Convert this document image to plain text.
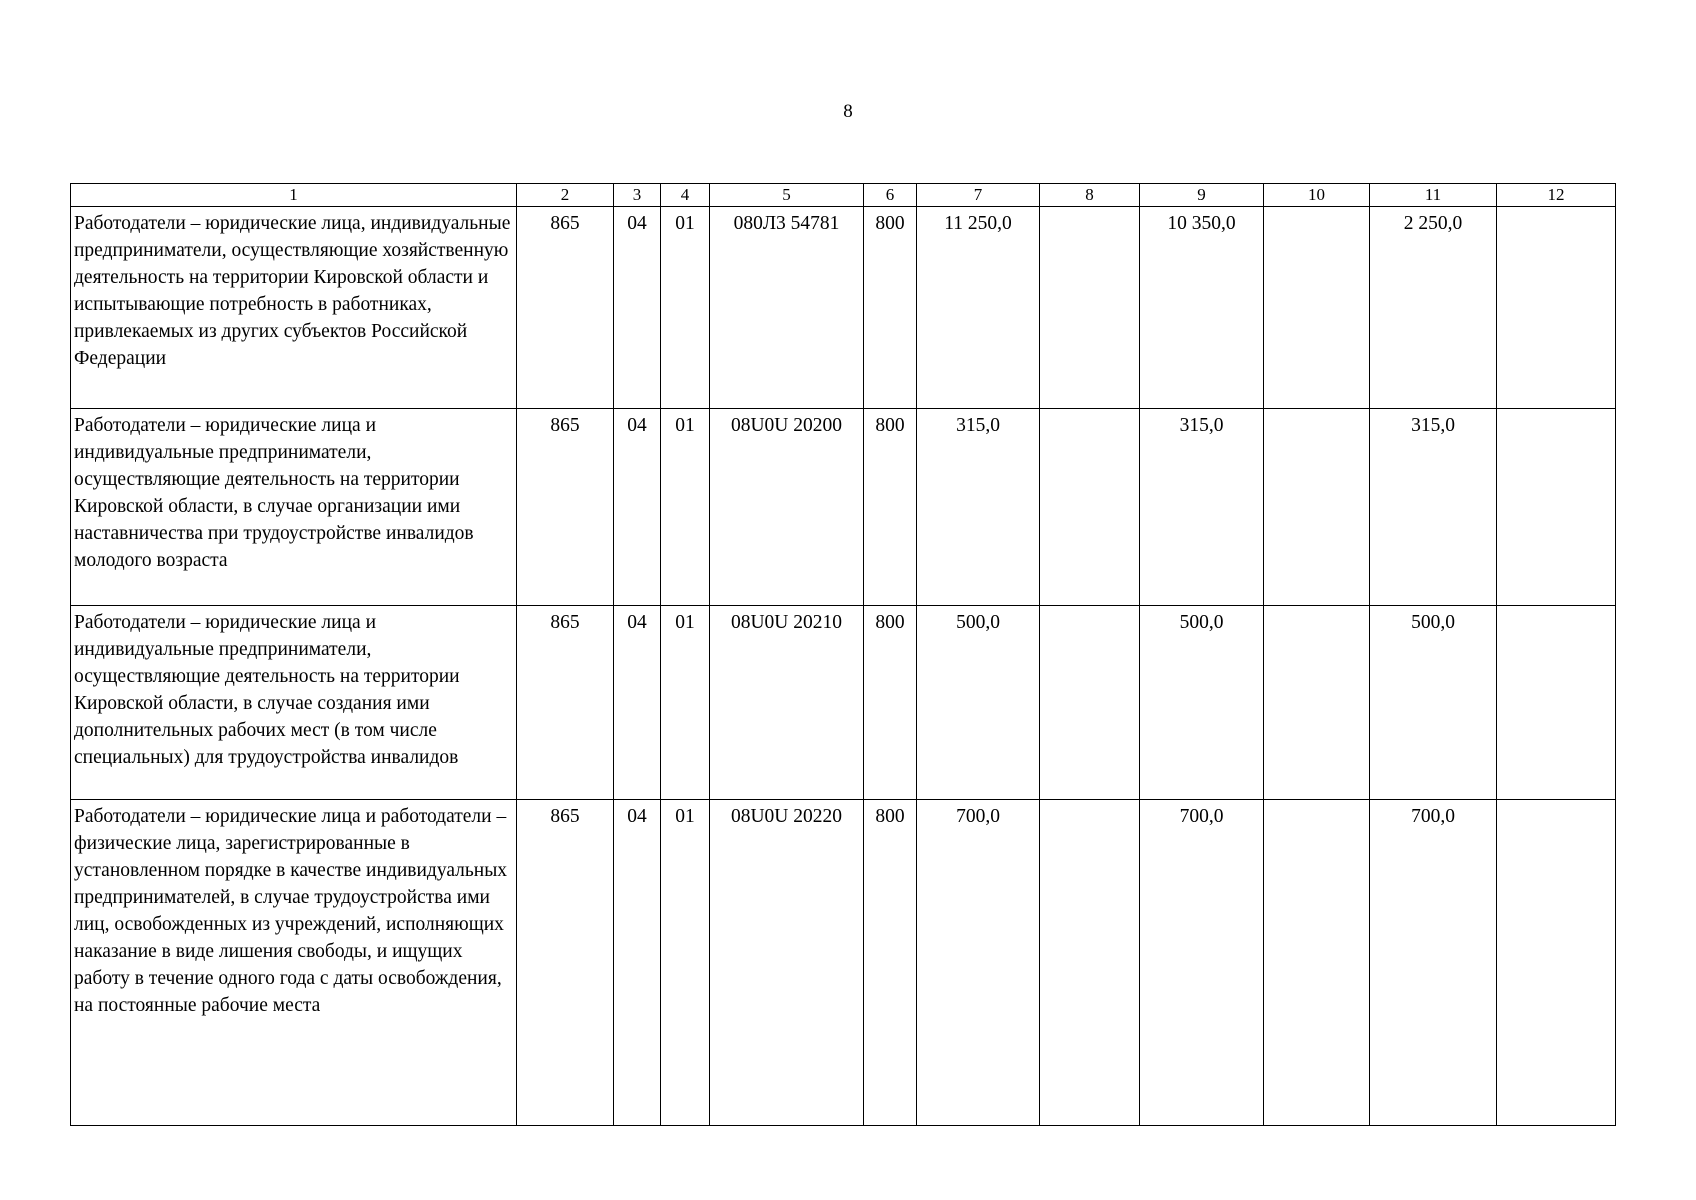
8
1	2	3	4	5	6	7	8	9	10	11	12
Работодатели – юридические лица, индивидуальные предприниматели, осуществляющие хозяйственную деятельность на территории Кировской области и испытывающие потребность в работниках, привлекаемых из других субъектов Российской Федерации	865	04	01	080Л3 54781	800	11 250,0		10 350,0		2 250,0	
Работодатели – юридические лица и индивидуальные предприниматели, осуществляющие деятельность на территории Кировской области, в случае организации ими наставничества при трудоустройстве инвалидов молодого возраста	865	04	01	08U0U 20200	800	315,0		315,0		315,0	
Работодатели – юридические лица и индивидуальные предприниматели, осуществляющие деятельность на территории Кировской области, в случае создания ими дополнительных рабочих мест (в том числе специальных) для трудоустройства инвалидов	865	04	01	08U0U 20210	800	500,0		500,0		500,0	
Работодатели – юридические лица и работодатели – физические лица, зарегистрированные в установленном порядке в качестве индивидуальных предпринимателей, в случае трудоустройства ими лиц, освобожденных из учреждений, исполняющих наказание в виде лишения свободы, и ищущих работу в течение одного года с даты освобождения, на постоянные рабочие места	865	04	01	08U0U 20220	800	700,0		700,0		700,0	
